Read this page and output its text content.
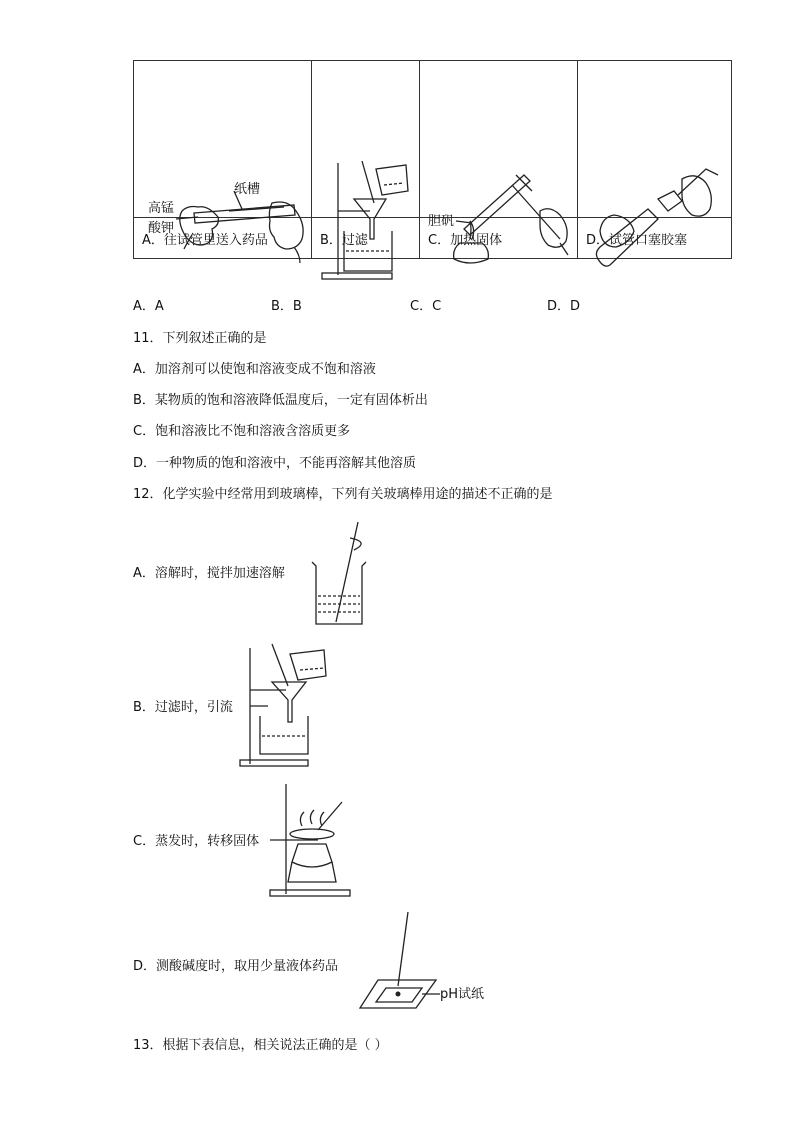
纸槽
高锰
酸钾		胆矾

A．往试管里送入药品	B．过滤	C．加热固体	D．试管口塞胶塞
A．A	B．B	C．C	D．D
11．下列叙述正确的是
A．加溶剂可以使饱和溶液变成不饱和溶液
B．某物质的饱和溶液降低温度后，一定有固体析出
C．饱和溶液比不饱和溶液含溶质更多
D．一种物质的饱和溶液中，不能再溶解其他溶质
12．化学实验中经常用到玻璃棒，下列有关玻璃棒用途的描述不正确的是
A．溶解时，搅拌加速溶解
B．过滤时，引流
C．蒸发时，转移固体
D．测酸碱度时，取用少量液体药品
pH试纸
13．根据下表信息，相关说法正确的是（ ）
